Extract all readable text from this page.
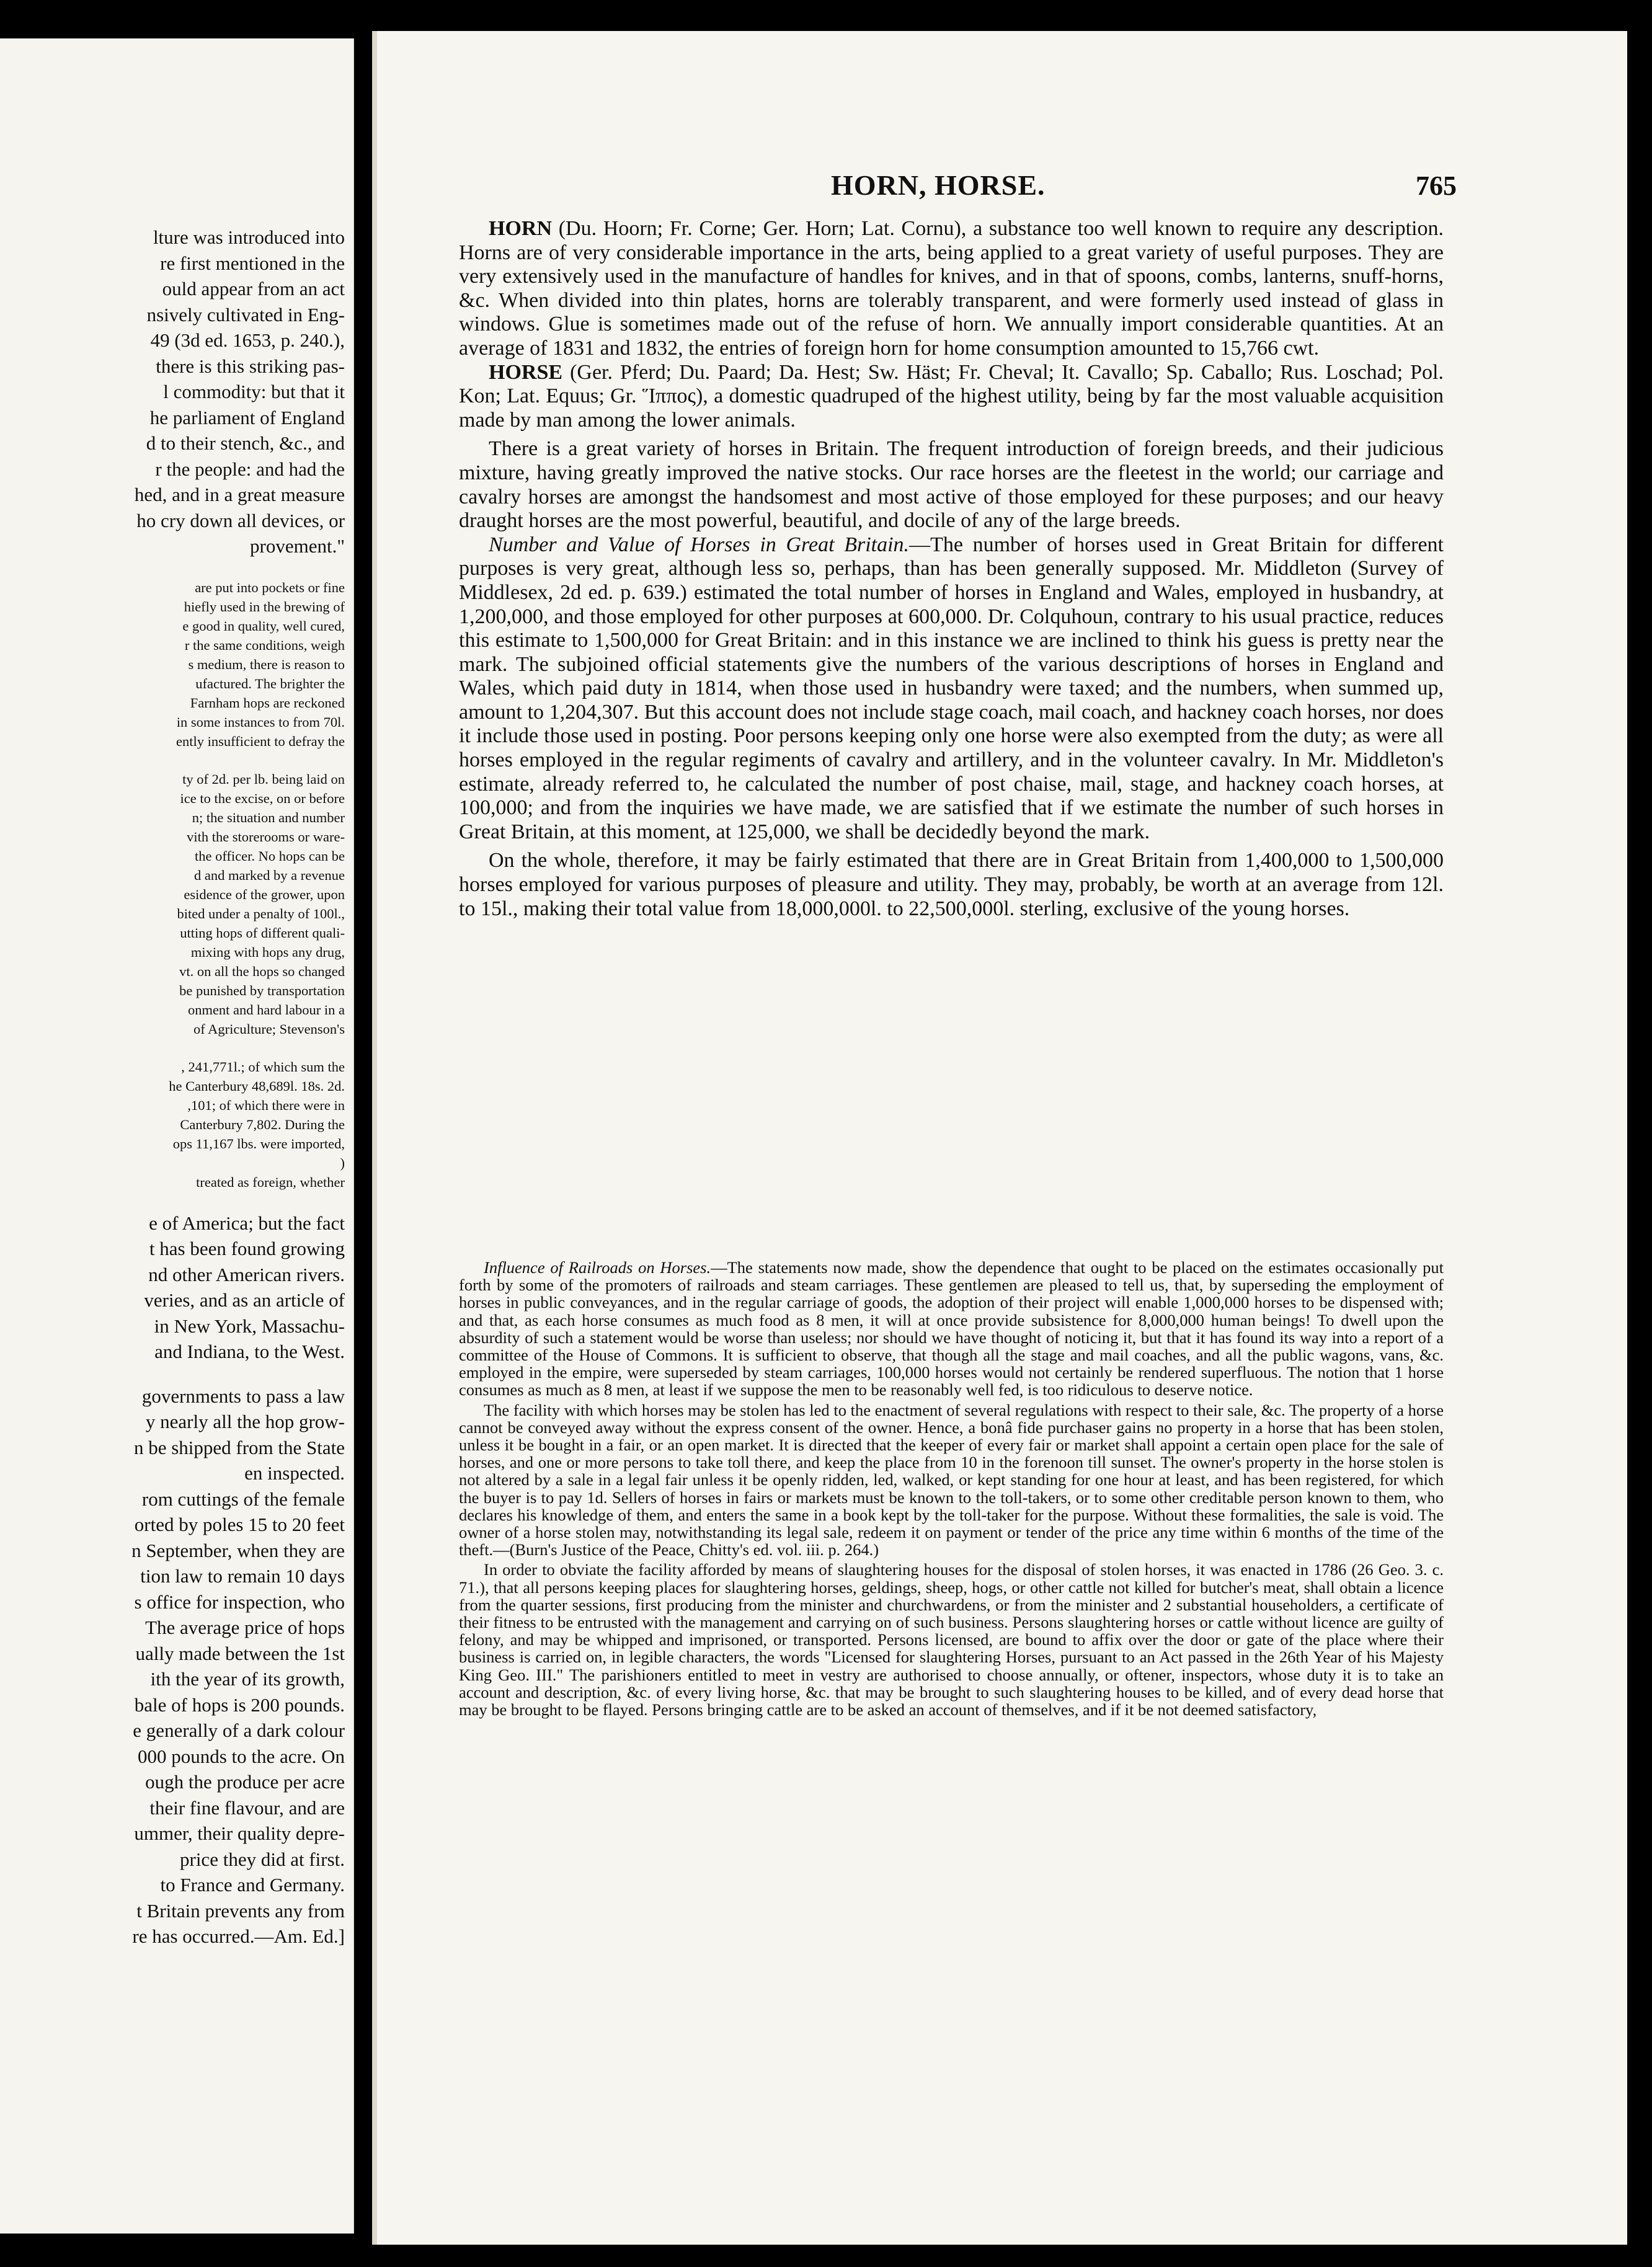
lture was introduced into
re first mentioned in the
ould appear from an act
nsively cultivated in Eng-
49 (3d ed. 1653, p. 240.),
there is this striking pas-
l commodity: but that it
he parliament of England
d to their stench, &c., and
r the people: and had the
hed, and in a great measure
ho cry down all devices, or
provement."
are put into pockets or fine
hiefly used in the brewing of
e good in quality, well cured,
r the same conditions, weigh
s medium, there is reason to
ufactured. The brighter the
Farnham hops are reckoned
in some instances to from 70l.
ently insufficient to defray the
ty of 2d. per lb. being laid on
ice to the excise, on or before
n; the situation and number
vith the storerooms or ware-
the officer. No hops can be
d and marked by a revenue
esidence of the grower, upon
bited under a penalty of 100l.,
utting hops of different quali-
mixing with hops any drug,
vt. on all the hops so changed
be punished by transportation
onment and hard labour in a
of Agriculture; Stevenson's
, 241,771l.; of which sum the
he Canterbury 48,689l. 18s. 2d.
,101; of which there were in
Canterbury 7,802. During the
ops 11,167 lbs. were imported,
)
treated as foreign, whether
e of America; but the fact
t has been found growing
nd other American rivers.
veries, and as an article of
in New York, Massachu-
and Indiana, to the West.
governments to pass a law
y nearly all the hop grow-
n be shipped from the State
en inspected.
rom cuttings of the female
orted by poles 15 to 20 feet
n September, when they are
tion law to remain 10 days
s office for inspection, who
The average price of hops
ually made between the 1st
ith the year of its growth,
bale of hops is 200 pounds.
e generally of a dark colour
000 pounds to the acre. On
ough the produce per acre
their fine flavour, and are
ummer, their quality depre-
price they did at first.
to France and Germany.
t Britain prevents any from
re has occurred.—Am. Ed.]
HORN, HORSE.	765

HORN (Du. Hoorn; Fr. Corne; Ger. Horn; Lat. Cornu), a substance too well known to require any description. Horns are of very considerable importance in the arts, being applied to a great variety of useful purposes. They are very extensively used in the manufacture of handles for knives, and in that of spoons, combs, lanterns, snuff-horns, &c. When divided into thin plates, horns are tolerably transparent, and were formerly used instead of glass in windows. Glue is sometimes made out of the refuse of horn. We annually import considerable quantities. At an average of 1831 and 1832, the entries of foreign horn for home consumption amounted to 15,766 cwt.

HORSE (Ger. Pferd; Du. Paard; Da. Hest; Sw. Häst; Fr. Cheval; It. Cavallo; Sp. Caballo; Rus. Loschad; Pol. Kon; Lat. Equus; Gr. Ἵππος), a domestic quadruped of the highest utility, being by far the most valuable acquisition made by man among the lower animals.

There is a great variety of horses in Britain. The frequent introduction of foreign breeds, and their judicious mixture, having greatly improved the native stocks. Our race horses are the fleetest in the world; our carriage and cavalry horses are amongst the handsomest and most active of those employed for these purposes; and our heavy draught horses are the most powerful, beautiful, and docile of any of the large breeds.

Number and Value of Horses in Great Britain.—The number of horses used in Great Britain for different purposes is very great, although less so, perhaps, than has been generally supposed. Mr. Middleton (Survey of Middlesex, 2d ed. p. 639.) estimated the total number of horses in England and Wales, employed in husbandry, at 1,200,000, and those employed for other purposes at 600,000. Dr. Colquhoun, contrary to his usual practice, reduces this estimate to 1,500,000 for Great Britain: and in this instance we are inclined to think his guess is pretty near the mark. The subjoined official statements give the numbers of the various descriptions of horses in England and Wales, which paid duty in 1814, when those used in husbandry were taxed; and the numbers, when summed up, amount to 1,204,307. But this account does not include stage coach, mail coach, and hackney coach horses, nor does it include those used in posting. Poor persons keeping only one horse were also exempted from the duty; as were all horses employed in the regular regiments of cavalry and artillery, and in the volunteer cavalry. In Mr. Middleton's estimate, already referred to, he calculated the number of post chaise, mail, stage, and hackney coach horses, at 100,000; and from the inquiries we have made, we are satisfied that if we estimate the number of such horses in Great Britain, at this moment, at 125,000, we shall be decidedly beyond the mark.

On the whole, therefore, it may be fairly estimated that there are in Great Britain from 1,400,000 to 1,500,000 horses employed for various purposes of pleasure and utility. They may, probably, be worth at an average from 12l. to 15l., making their total value from 18,000,000l. to 22,500,000l. sterling, exclusive of the young horses.

Influence of Railroads on Horses.—The statements now made, show the dependence that ought to be placed on the estimates occasionally put forth by some of the promoters of railroads and steam carriages. These gentlemen are pleased to tell us, that, by superseding the employment of horses in public conveyances, and in the regular carriage of goods, the adoption of their project will enable 1,000,000 horses to be dispensed with; and that, as each horse consumes as much food as 8 men, it will at once provide subsistence for 8,000,000 human beings! To dwell upon the absurdity of such a statement would be worse than useless; nor should we have thought of noticing it, but that it has found its way into a report of a committee of the House of Commons. It is sufficient to observe, that though all the stage and mail coaches, and all the public wagons, vans, &c. employed in the empire, were superseded by steam carriages, 100,000 horses would not certainly be rendered superfluous. The notion that 1 horse consumes as much as 8 men, at least if we suppose the men to be reasonably well fed, is too ridiculous to deserve notice.

The facility with which horses may be stolen has led to the enactment of several regulations with respect to their sale, &c. The property of a horse cannot be conveyed away without the express consent of the owner. Hence, a bonâ fide purchaser gains no property in a horse that has been stolen, unless it be bought in a fair, or an open market. It is directed that the keeper of every fair or market shall appoint a certain open place for the sale of horses, and one or more persons to take toll there, and keep the place from 10 in the forenoon till sunset. The owner's property in the horse stolen is not altered by a sale in a legal fair unless it be openly ridden, led, walked, or kept standing for one hour at least, and has been registered, for which the buyer is to pay 1d. Sellers of horses in fairs or markets must be known to the toll-takers, or to some other creditable person known to them, who declares his knowledge of them, and enters the same in a book kept by the toll-taker for the purpose. Without these formalities, the sale is void. The owner of a horse stolen may, notwithstanding its legal sale, redeem it on payment or tender of the price any time within 6 months of the time of the theft.—(Burn's Justice of the Peace, Chitty's ed. vol. iii. p. 264.)

In order to obviate the facility afforded by means of slaughtering houses for the disposal of stolen horses, it was enacted in 1786 (26 Geo. 3. c. 71.), that all persons keeping places for slaughtering horses, geldings, sheep, hogs, or other cattle not killed for butcher's meat, shall obtain a licence from the quarter sessions, first producing from the minister and churchwardens, or from the minister and 2 substantial householders, a certificate of their fitness to be entrusted with the management and carrying on of such business. Persons slaughtering horses or cattle without licence are guilty of felony, and may be whipped and imprisoned, or transported. Persons licensed, are bound to affix over the door or gate of the place where their business is carried on, in legible characters, the words "Licensed for slaughtering Horses, pursuant to an Act passed in the 26th Year of his Majesty King Geo. III." The parishioners entitled to meet in vestry are authorised to choose annually, or oftener, inspectors, whose duty it is to take an account and description, &c. of every living horse, &c. that may be brought to such slaughtering houses to be killed, and of every dead horse that may be brought to be flayed. Persons bringing cattle are to be asked an account of themselves, and if it be not deemed satisfactory,
